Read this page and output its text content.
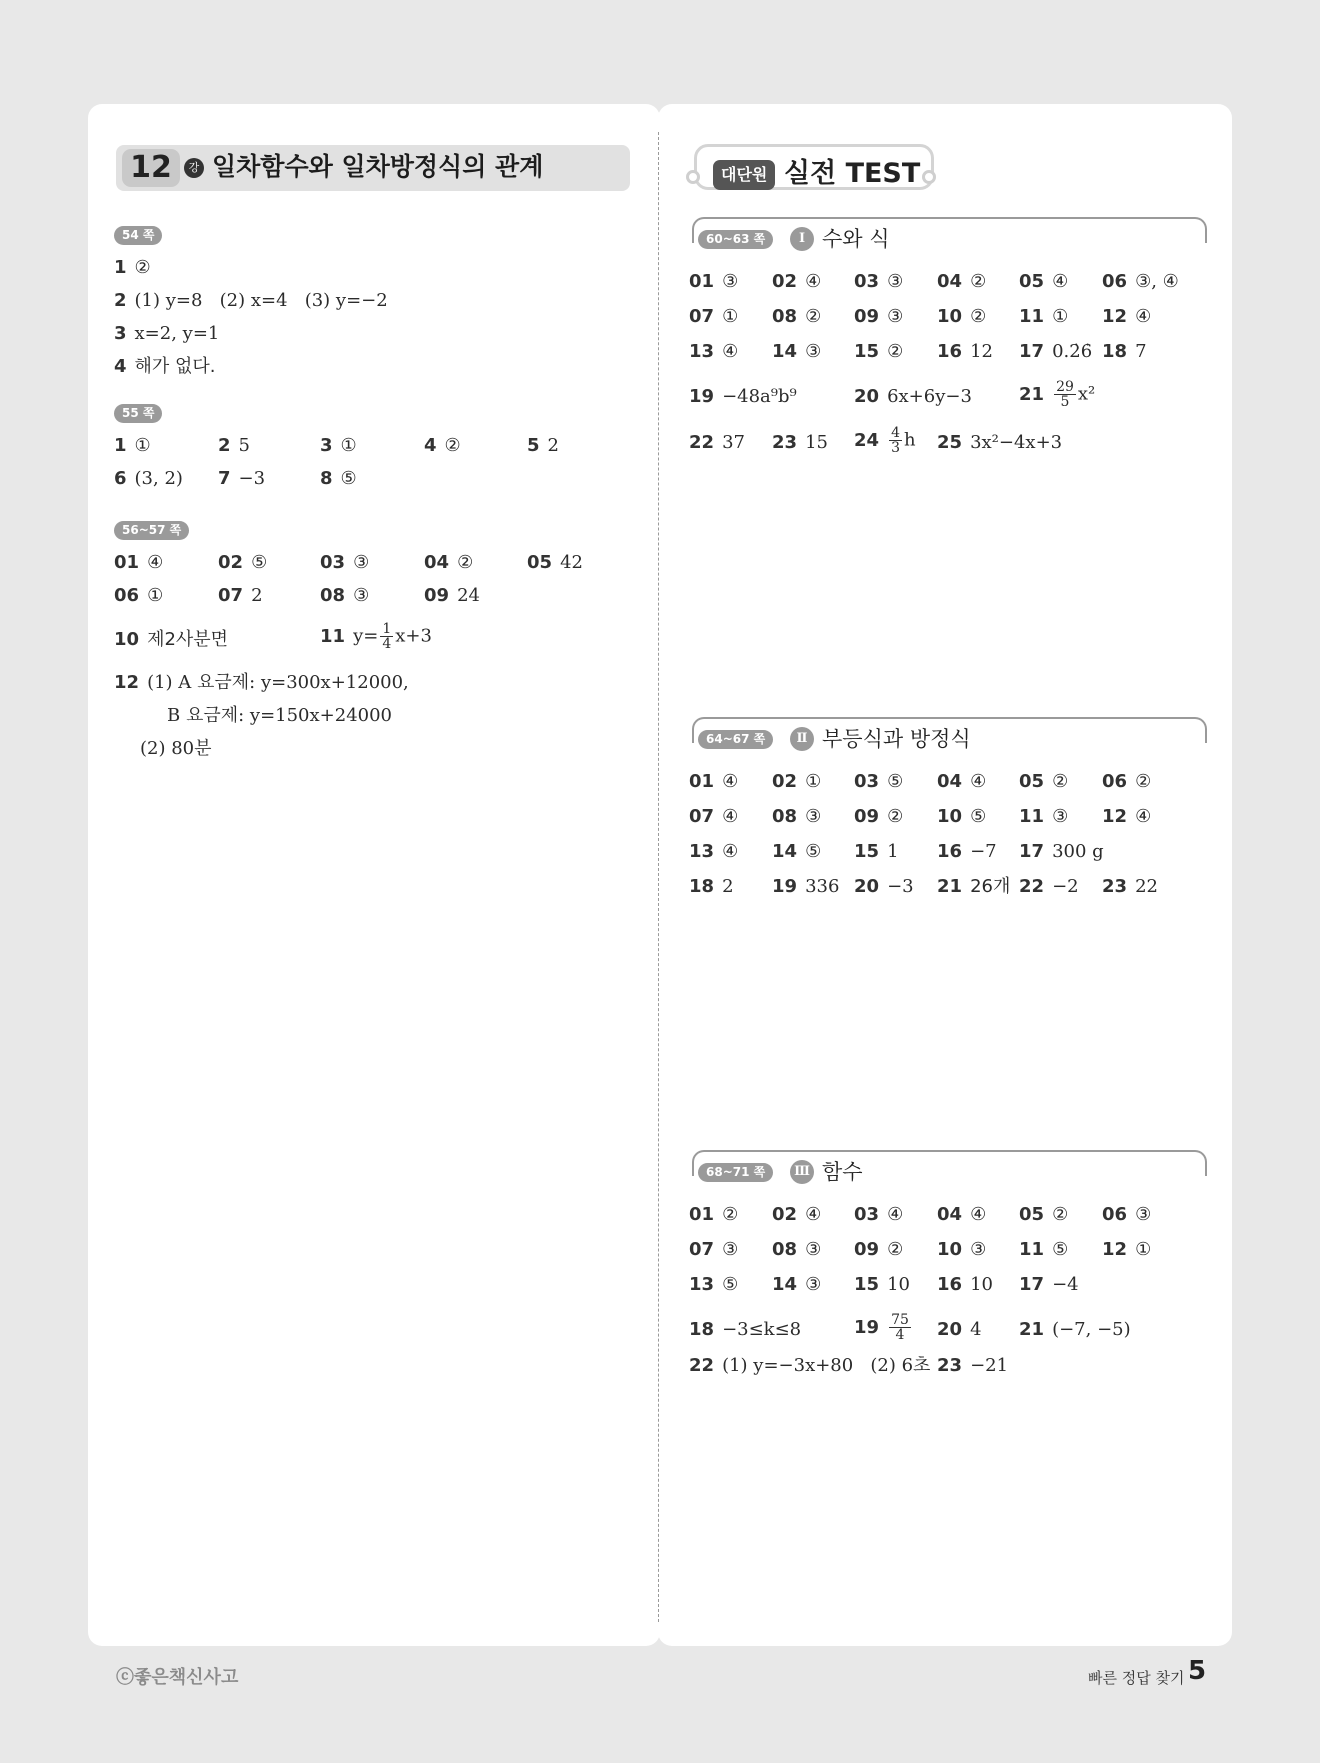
12	강 일차함수와 일차방정식의 관계
54 쪽
1 ②
2 (1) y=8   (2) x=4   (3) y=−2
3 x=2, y=1
4 해가 없다.
55 쪽
1 ①	2 5	3 ①	4 ②	5 2
6 (3, 2) 7 −3	8 ⑤
56~57 쪽
01 ④	02 ⑤	03 ③	04 ②	05 42
06 ①	07 2	08 ③	09 24
10 제2사분면	11 $y= \frac{1}{4} x+3$
12 (1) A 요금제: y=300x+12000,
B 요금제: y=150x+24000
(2) 80분
대단원 실전 TEST
60~63 쪽	Ⅰ 수와 식
01 ③ 02 ④ 03 ③ 04 ② 05 ④ 06 ③, ④
07 ① 08 ② 09 ③ 10 ② 11 ① 12 ④
13 ④ 14 ③ 15 ② 16 12 17 0.2̇6̇ 18 7
19 −48a⁹b⁹	20 6x+6y−3	$21 \frac{29}{5} x^2$
22 37 23 15 $24 \frac{4}{3}$ h 25 3x²−4x+3
64~67 쪽	Ⅱ 부등식과 방정식
01 ④ 02 ① 03 ⑤ 04 ④ 05 ② 06 ②
07 ④ 08 ③ 09 ② 10 ⑤ 11 ③ 12 ④
13 ④ 14 ⑤ 15 1 16 −7 17 300 g
18 2 19 336 20 −3 21 26개 22 −2 23 22
68~71 쪽	Ⅲ 함수
01 ② 02 ④ 03 ④ 04 ④ 05 ② 06 ③
07 ③ 08 ③ 09 ② 10 ③ 11 ⑤ 12 ①
13 ⑤ 14 ③ 15 10 16 10 17 −4
18 −3≤k≤8	$19 \frac{75}{4} 20$ 4 21 (−7, −5)
22 (1) y=−3x+80   (2) 6초 23 −21
ⓒ좋은책신사고	빠른 정답 찾기 5
